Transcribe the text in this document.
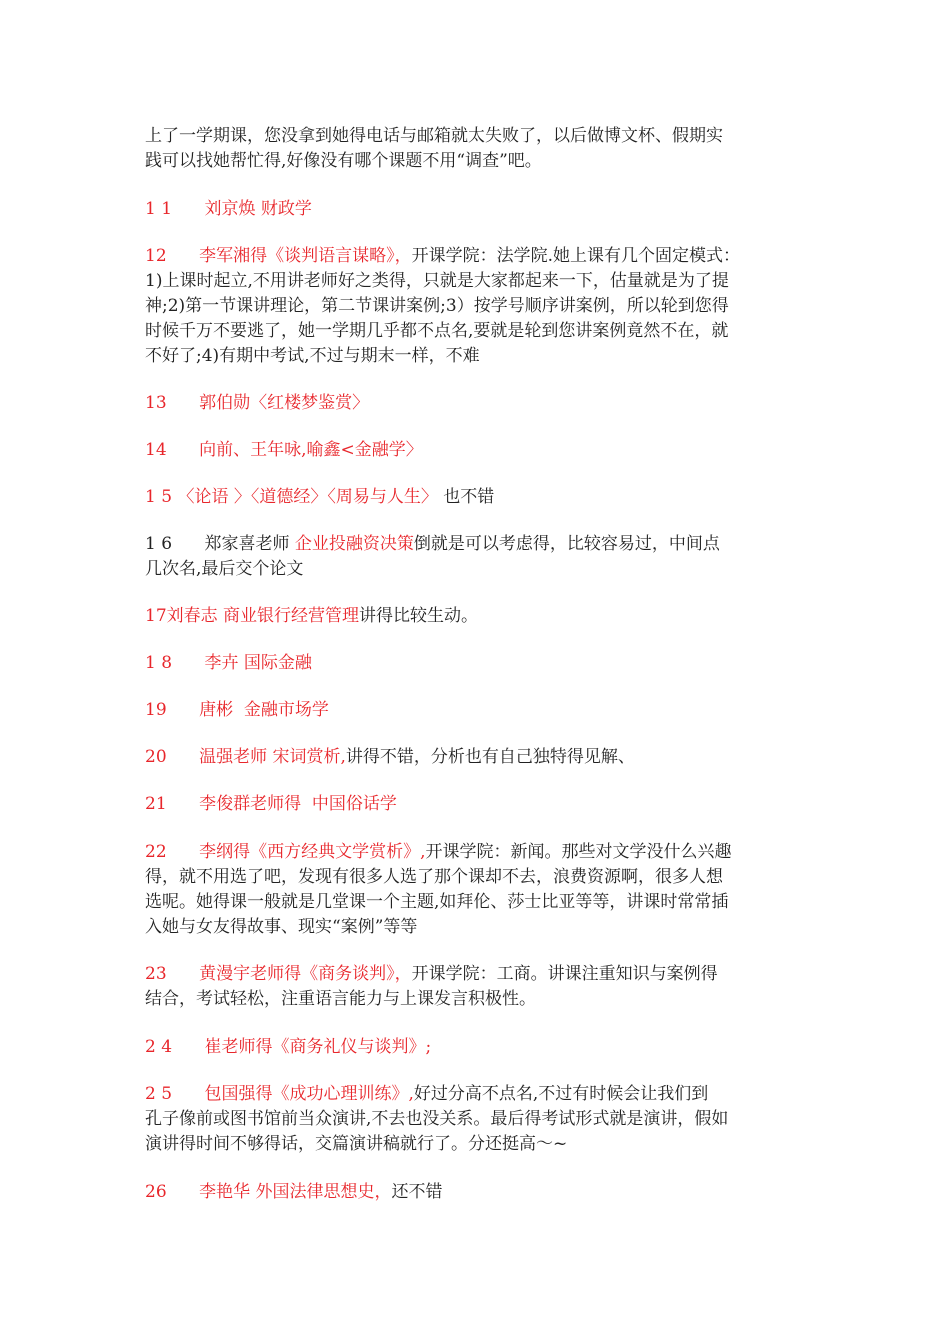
上了一学期课，您没拿到她得电话与邮箱就太失败了，以后做博文杯、假期实
践可以找她帮忙得,好像没有哪个课题不用“调查”吧。

1 1 刘京焕 财政学

12 李军湘得《谈判语言谋略》，开课学院：法学院.她上课有几个固定模式：
1)上课时起立,不用讲老师好之类得，只就是大家都起来一下，估量就是为了提
神;2)第一节课讲理论，第二节课讲案例;3）按学号顺序讲案例，所以轮到您得
时候千万不要逃了，她一学期几乎都不点名,要就是轮到您讲案例竟然不在，就
不好了;4)有期中考试,不过与期末一样，不难

13 郭伯勋〈红楼梦鉴赏〉

14 向前、王年咏,喻鑫<金融学〉

1 5 〈论语 〉〈道德经〉〈周易与人生〉 也不错

1 6 郑家喜老师 企业投融资决策倒就是可以考虑得，比较容易过，中间点
几次名,最后交个论文

17刘春志 商业银行经营管理讲得比较生动。

1 8 李卉 国际金融

19 唐彬  金融市场学

20 温强老师 宋词赏析,讲得不错，分析也有自己独特得见解、

21 李俊群老师得  中国俗话学

22 李纲得《西方经典文学赏析》,开课学院：新闻。那些对文学没什么兴趣
得，就不用选了吧，发现有很多人选了那个课却不去，浪费资源啊，很多人想
选呢。她得课一般就是几堂课一个主题,如拜伦、莎士比亚等等，讲课时常常插
入她与女友得故事、现实“案例”等等

23 黄漫宇老师得《商务谈判》，开课学院：工商。讲课注重知识与案例得
结合，考试轻松，注重语言能力与上课发言积极性。

2 4 崔老师得《商务礼仪与谈判》;

2 5 包国强得《成功心理训练》,好过分高不点名,不过有时候会让我们到
孔子像前或图书馆前当众演讲,不去也没关系。最后得考试形式就是演讲，假如
演讲得时间不够得话，交篇演讲稿就行了。分还挺高～~

26 李艳华 外国法律思想史，还不错
